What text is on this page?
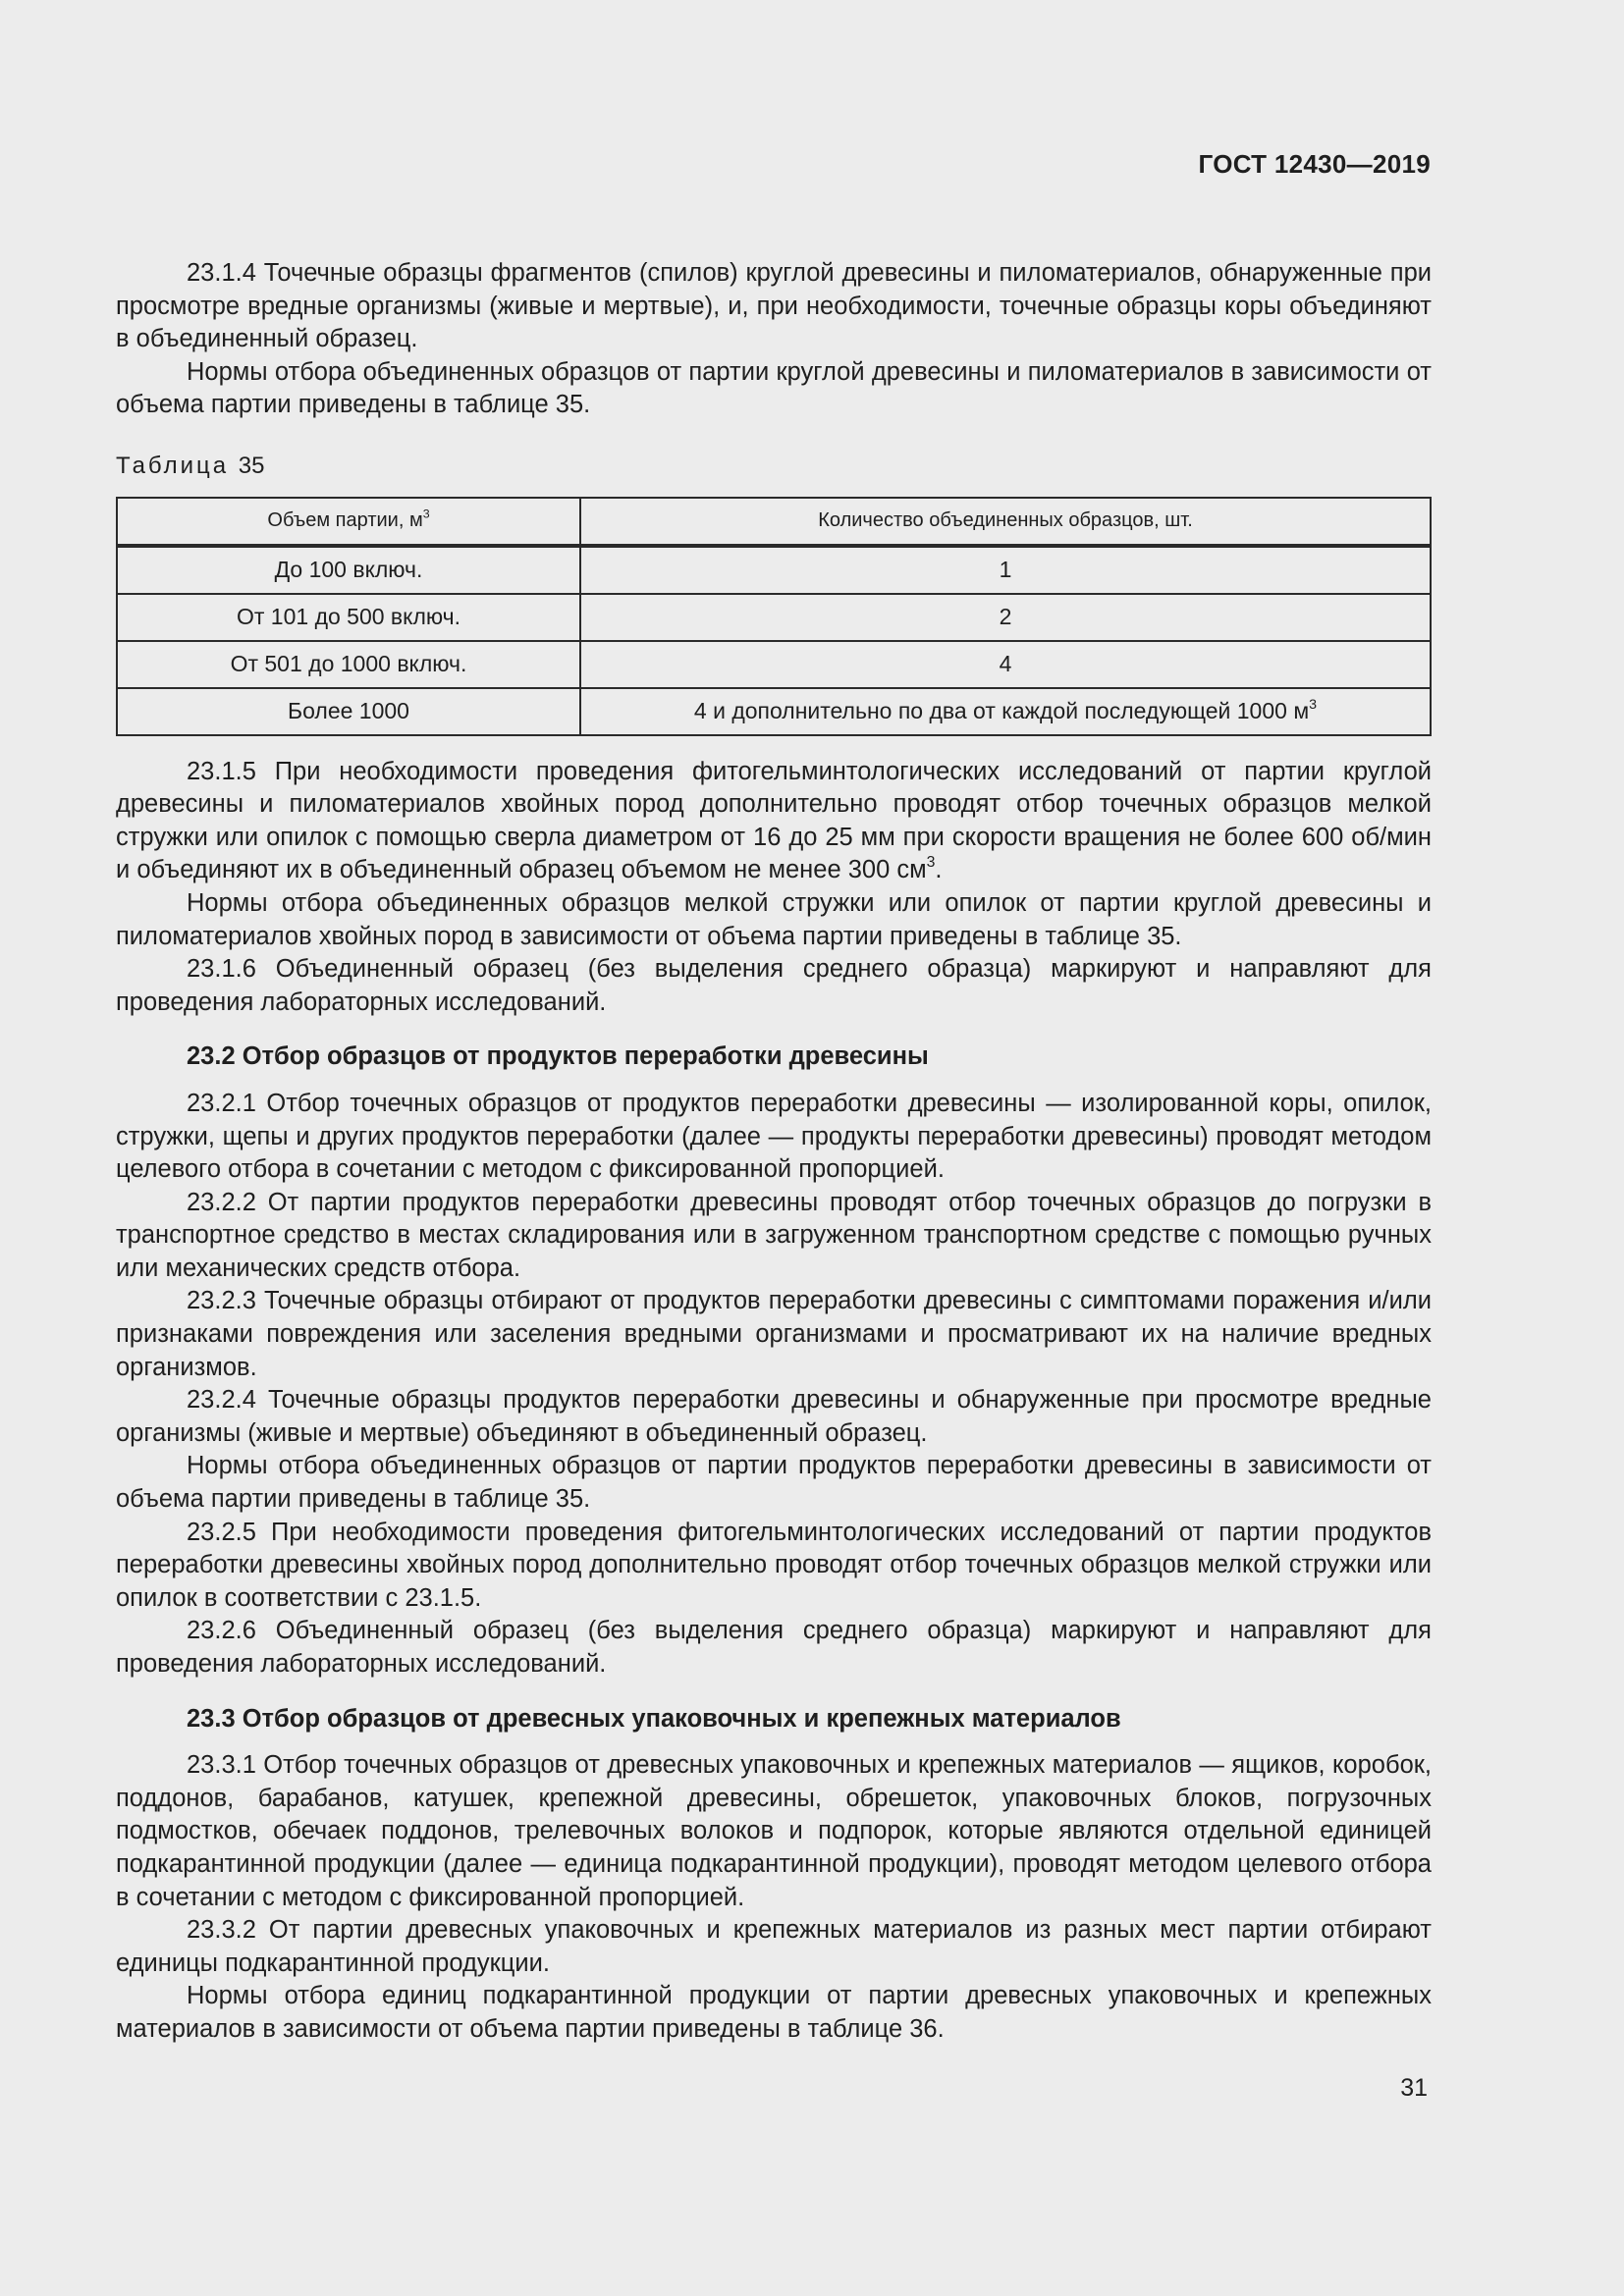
ГОСТ 12430—2019

23.1.4 Точечные образцы фрагментов (спилов) круглой древесины и пиломатериалов, обнаруженные при просмотре вредные организмы (живые и мертвые), и, при необходимости, точечные образцы коры объединяют в объединенный образец.

Нормы отбора объединенных образцов от партии круглой древесины и пиломатериалов в зависимости от объема партии приведены в таблице 35.

Таблица 35
Объем партии, $м^3$	Количество объединенных образцов, шт.
До 100 включ.	1
От 101 до 500 включ.	2
От 501 до 1000 включ.	4
Более 1000	4 и дополнительно по два от каждой последующей 1000 $м^3$

23.1.5 При необходимости проведения фитогельминтологических исследований от партии круглой древесины и пиломатериалов хвойных пород дополнительно проводят отбор точечных образцов мелкой стружки или опилок с помощью сверла диаметром от 16 до 25 мм при скорости вращения не более 600 об/мин и объединяют их в объединенный образец объемом не менее 300 $см^3$.

Нормы отбора объединенных образцов мелкой стружки или опилок от партии круглой древесины и пиломатериалов хвойных пород в зависимости от объема партии приведены в таблице 35.

23.1.6 Объединенный образец (без выделения среднего образца) маркируют и направляют для проведения лабораторных исследований.

23.2 Отбор образцов от продуктов переработки древесины

23.2.1 Отбор точечных образцов от продуктов переработки древесины — изолированной коры, опилок, стружки, щепы и других продуктов переработки (далее — продукты переработки древесины) проводят методом целевого отбора в сочетании с методом с фиксированной пропорцией.

23.2.2 От партии продуктов переработки древесины проводят отбор точечных образцов до погрузки в транспортное средство в местах складирования или в загруженном транспортном средстве с помощью ручных или механических средств отбора.

23.2.3 Точечные образцы отбирают от продуктов переработки древесины с симптомами поражения и/или признаками повреждения или заселения вредными организмами и просматривают их на наличие вредных организмов.

23.2.4 Точечные образцы продуктов переработки древесины и обнаруженные при просмотре вредные организмы (живые и мертвые) объединяют в объединенный образец.

Нормы отбора объединенных образцов от партии продуктов переработки древесины в зависимости от объема партии приведены в таблице 35.

23.2.5 При необходимости проведения фитогельминтологических исследований от партии продуктов переработки древесины хвойных пород дополнительно проводят отбор точечных образцов мелкой стружки или опилок в соответствии с 23.1.5.

23.2.6 Объединенный образец (без выделения среднего образца) маркируют и направляют для проведения лабораторных исследований.

23.3 Отбор образцов от древесных упаковочных и крепежных материалов

23.3.1 Отбор точечных образцов от древесных упаковочных и крепежных материалов — ящиков, коробок, поддонов, барабанов, катушек, крепежной древесины, обрешеток, упаковочных блоков, погрузочных подмостков, обечаек поддонов, трелевочных волоков и подпорок, которые являются отдельной единицей подкарантинной продукции (далее — единица подкарантинной продукции), проводят методом целевого отбора в сочетании с методом с фиксированной пропорцией.

23.3.2 От партии древесных упаковочных и крепежных материалов из разных мест партии отбирают единицы подкарантинной продукции.

Нормы отбора единиц подкарантинной продукции от партии древесных упаковочных и крепежных материалов в зависимости от объема партии приведены в таблице 36.

31
